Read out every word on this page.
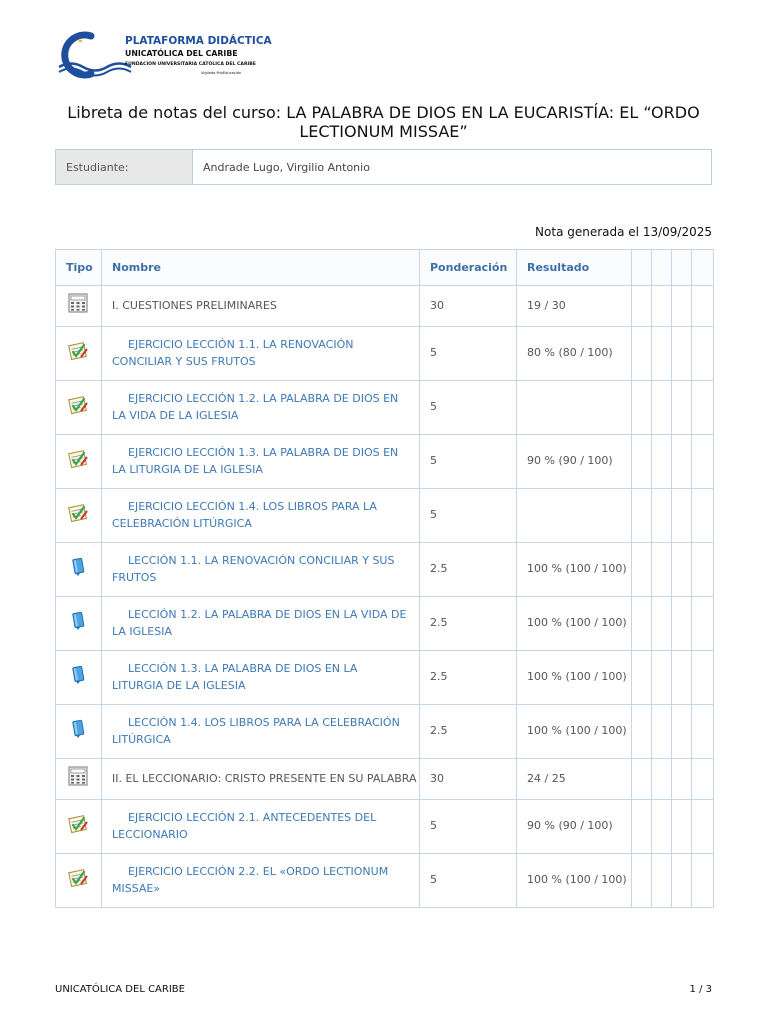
PLATAFORMA DIDÁCTICA
UNICATÓLICA DEL CARIBE
FUNDACIÓN UNIVERSITARIA CATÓLICA DEL CARIBE
Vigilada MinEducación
Libreta de notas del curso: LA PALABRA DE DIOS EN LA EUCARISTÍA: EL “ORDO LECTIONUM MISSAE”
Estudiante:	Andrade Lugo, Virgilio Antonio
Nota generada el 13/09/2025
Tipo	Nombre	Ponderación	Resultado				
	I. CUESTIONES PRELIMINARES	30	19 / 30				
	EJERCICIO LECCIÓN 1.1. LA RENOVACIÓN CONCILIAR Y SUS FRUTOS	5	80 % (80 / 100)				
	EJERCICIO LECCIÓN 1.2. LA PALABRA DE DIOS EN LA VIDA DE LA IGLESIA	5					
	EJERCICIO LECCIÓN 1.3. LA PALABRA DE DIOS EN LA LITURGIA DE LA IGLESIA	5	90 % (90 / 100)				
	EJERCICIO LECCIÓN 1.4. LOS LIBROS PARA LA CELEBRACIÓN LITÚRGICA	5					
	LECCIÓN 1.1. LA RENOVACIÓN CONCILIAR Y SUS FRUTOS	2.5	100 % (100 / 100)				
	LECCIÓN 1.2. LA PALABRA DE DIOS EN LA VIDA DE LA IGLESIA	2.5	100 % (100 / 100)				
	LECCIÓN 1.3. LA PALABRA DE DIOS EN LA LITURGIA DE LA IGLESIA	2.5	100 % (100 / 100)				
	LECCIÓN 1.4. LOS LIBROS PARA LA CELEBRACIÓN LITÚRGICA	2.5	100 % (100 / 100)				
	II. EL LECCIONARIO: CRISTO PRESENTE EN SU PALABRA	30	24 / 25				
	EJERCICIO LECCIÓN 2.1. ANTECEDENTES DEL LECCIONARIO	5	90 % (90 / 100)				
	EJERCICIO LECCIÓN 2.2. EL «ORDO LECTIONUM MISSAE»	5	100 % (100 / 100)				
UNICATÓLICA DEL CARIBE	1 / 3
